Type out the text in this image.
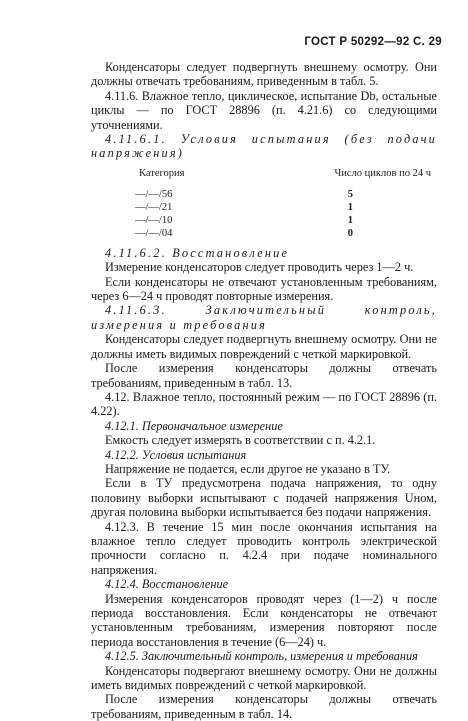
ГОСТ Р 50292—92 С. 29

Конденсаторы следует подвергнуть внешнему осмотру. Они должны отвечать требованиям, приведенным в табл. 5.

4.11.6. Влажное тепло, циклическое, испытание Db, остальные циклы — по ГОСТ 28896 (п. 4.21.6) со следующими уточнениями.

4.11.6.1. Условия испытания (без подачи напряжения)

Категория	Число циклов по 24 ч
—/—/56	5
—/—/21	1
—/—/10	1
—/—/04	0

4.11.6.2. Восстановление

Измерение конденсаторов следует проводить через 1—2 ч.

Если конденсаторы не отвечают установленным требованиям, через 6—24 ч проводят повторные измерения.

4.11.6.3. Заключительный контроль, измерения и требования

Конденсаторы следует подвергнуть внешнему осмотру. Они не должны иметь видимых повреждений с четкой маркировкой.

После измерения конденсаторы должны отвечать требованиям, приведенным в табл. 13.

4.12. Влажное тепло, постоянный режим — по ГОСТ 28896 (п. 4.22).

4.12.1. Первоначальное измерение

Емкость следует измерять в соответствии с п. 4.2.1.

4.12.2. Условия испытания

Напряжение не подается, если другое не указано в ТУ.

Если в ТУ предусмотрена подача напряжения, то одну половину выборки испытывают с подачей напряжения Uном, другая половина выборки испытывается без подачи напряжения.

4.12.3. В течение 15 мин после окончания испытания на влажное тепло следует проводить контроль электрической прочности согласно п. 4.2.4 при подаче номинального напряжения.

4.12.4. Восстановление

Измерения конденсаторов проводят через (1—2) ч после периода восстановления. Если конденсаторы не отвечают установленным требованиям, измерения повторяют после периода восстановления в течение (6—24) ч.

4.12.5. Заключительный контроль, измерения и требования

Конденсаторы подвергают внешнему осмотру. Они не должны иметь видимых повреждений с четкой маркировкой.

После измерения конденсаторы должны отвечать требованиям, приведенным в табл. 14.
